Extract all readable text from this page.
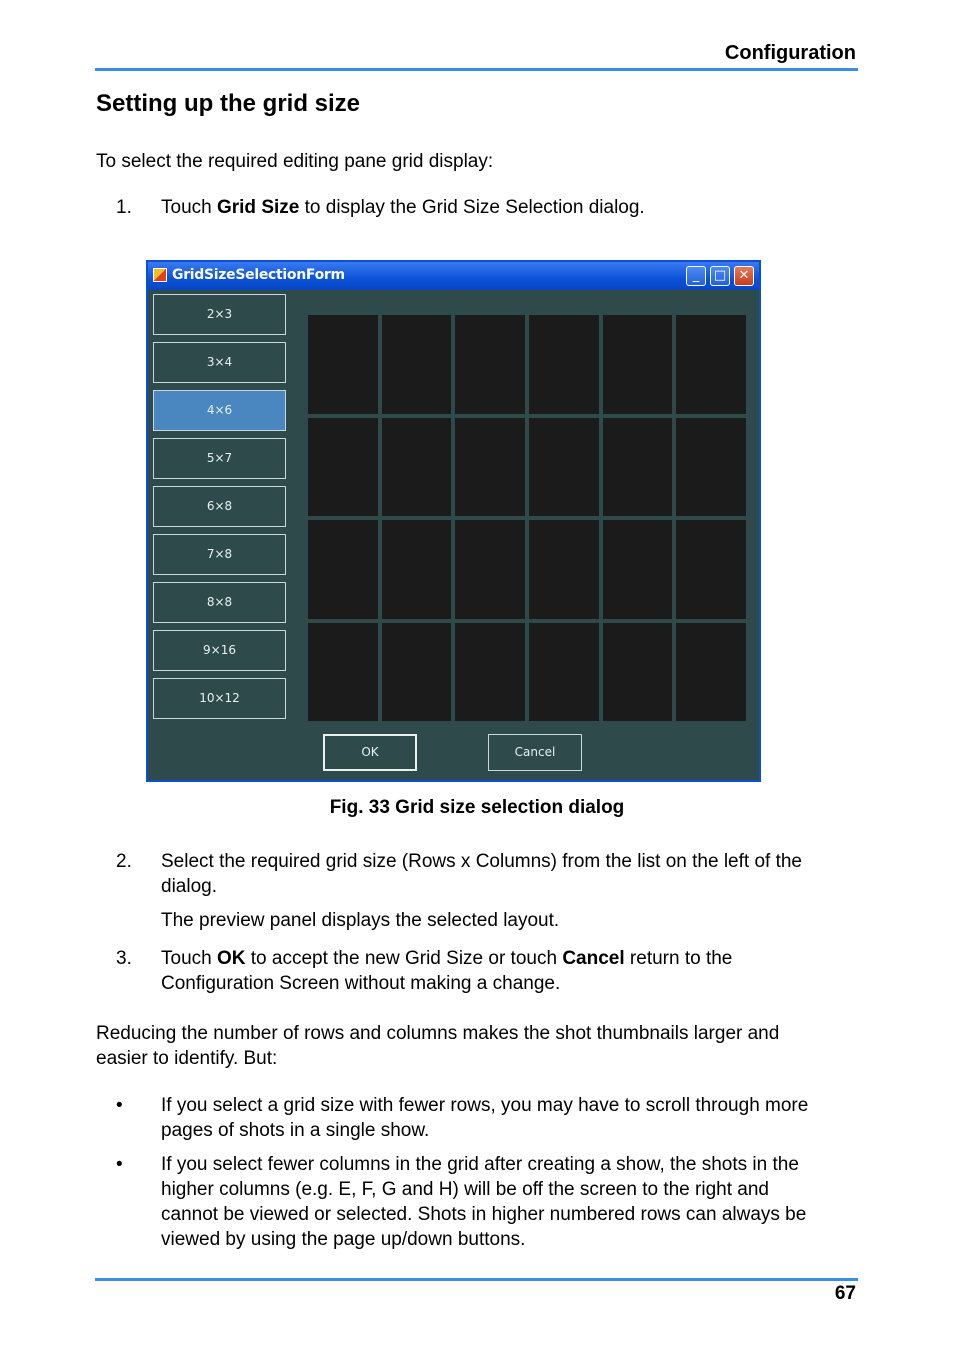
Configuration
Setting up the grid size
To select the required editing pane grid display:
1. Touch Grid Size to display the Grid Size Selection dialog.
GridSizeSelectionForm	_	□ ✕
2×3
3×4
4×6
5×7
6×8
7×8
8×8
9×16
10×12
OK	Cancel
Fig. 33 Grid size selection dialog
2. Select the required grid size (Rows x Columns) from the list on the left of the
dialog.
The preview panel displays the selected layout.
3. Touch OK to accept the new Grid Size or touch Cancel return to the
Configuration Screen without making a change.
Reducing the number of rows and columns makes the shot thumbnails larger and
easier to identify. But:
• If you select a grid size with fewer rows, you may have to scroll through more
pages of shots in a single show.
• If you select fewer columns in the grid after creating a show, the shots in the
higher columns (e.g. E, F, G and H) will be off the screen to the right and
cannot be viewed or selected. Shots in higher numbered rows can always be
viewed by using the page up/down buttons.
67
